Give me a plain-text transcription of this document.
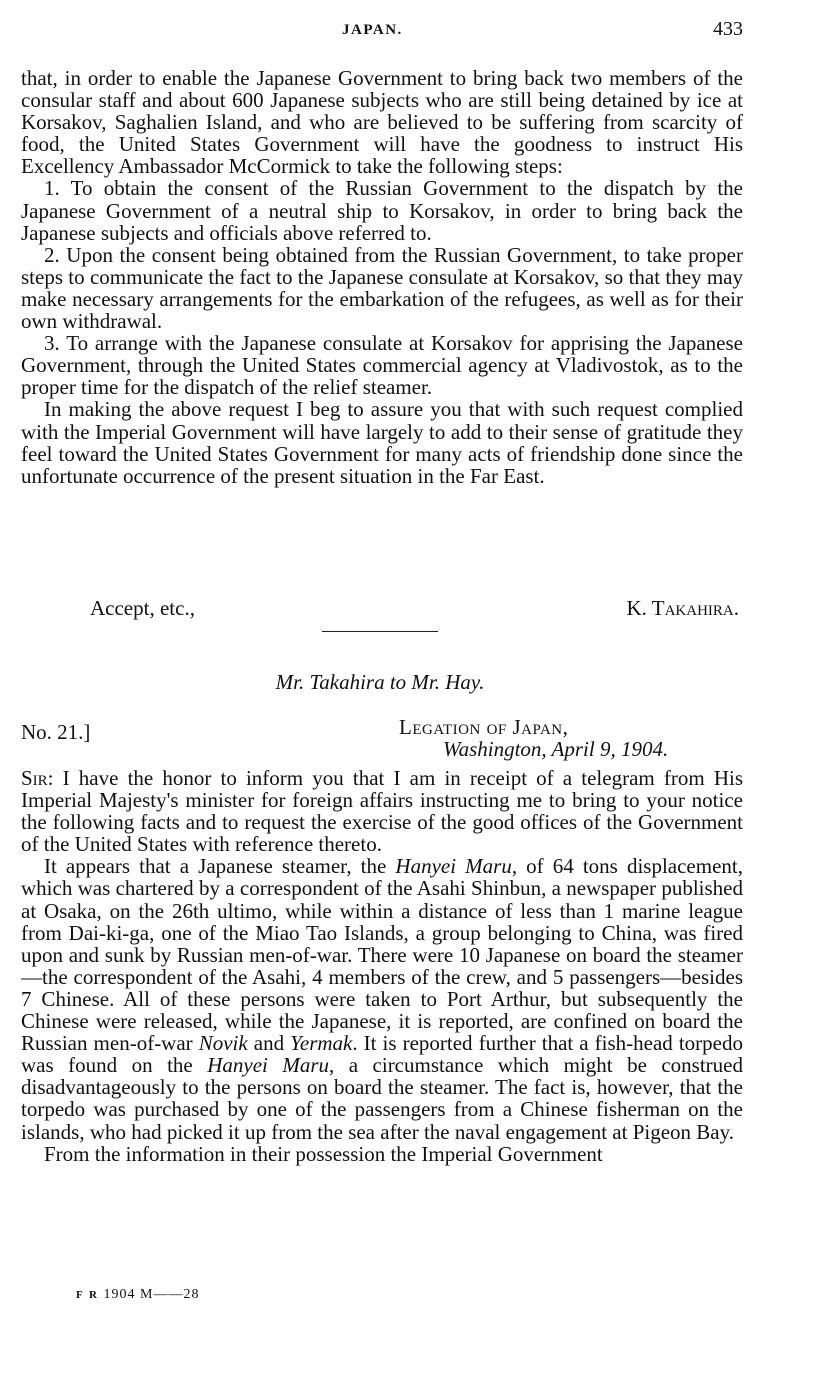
JAPAN.	433

that, in order to enable the Japanese Government to bring back two members of the consular staff and about 600 Japanese subjects who are still being detained by ice at Korsakov, Saghalien Island, and who are believed to be suffering from scarcity of food, the United States Government will have the goodness to instruct His Excellency Ambassador McCormick to take the following steps:

1. To obtain the consent of the Russian Government to the dispatch by the Japanese Government of a neutral ship to Korsakov, in order to bring back the Japanese subjects and officials above referred to.

2. Upon the consent being obtained from the Russian Government, to take proper steps to communicate the fact to the Japanese consulate at Korsakov, so that they may make necessary arrangements for the embarkation of the refugees, as well as for their own withdrawal.

3. To arrange with the Japanese consulate at Korsakov for apprising the Japanese Government, through the United States commercial agency at Vladivostok, as to the proper time for the dispatch of the relief steamer.

In making the above request I beg to assure you that with such request complied with the Imperial Government will have largely to add to their sense of gratitude they feel toward the United States Government for many acts of friendship done since the unfortunate occurrence of the present situation in the Far East.

Accept, etc.,	K. Takahira.
Mr. Takahira to Mr. Hay.
No. 21.]	Legation of Japan,
Washington, April 9, 1904.

Sir: I have the honor to inform you that I am in receipt of a telegram from His Imperial Majesty's minister for foreign affairs instructing me to bring to your notice the following facts and to request the exercise of the good offices of the Government of the United States with reference thereto.

It appears that a Japanese steamer, the Hanyei Maru, of 64 tons displacement, which was chartered by a correspondent of the Asahi Shinbun, a newspaper published at Osaka, on the 26th ultimo, while within a distance of less than 1 marine league from Dai-ki-ga, one of the Miao Tao Islands, a group belonging to China, was fired upon and sunk by Russian men-of-war. There were 10 Japanese on board the steamer—the correspondent of the Asahi, 4 members of the crew, and 5 passengers—besides 7 Chinese. All of these persons were taken to Port Arthur, but subsequently the Chinese were released, while the Japanese, it is reported, are confined on board the Russian men-of-war Novik and Yermak. It is reported further that a fish-head torpedo was found on the Hanyei Maru, a circumstance which might be construed disadvantageously to the persons on board the steamer. The fact is, however, that the torpedo was purchased by one of the passengers from a Chinese fisherman on the islands, who had picked it up from the sea after the naval engagement at Pigeon Bay.

From the information in their possession the Imperial Government

F R 1904 M——28
